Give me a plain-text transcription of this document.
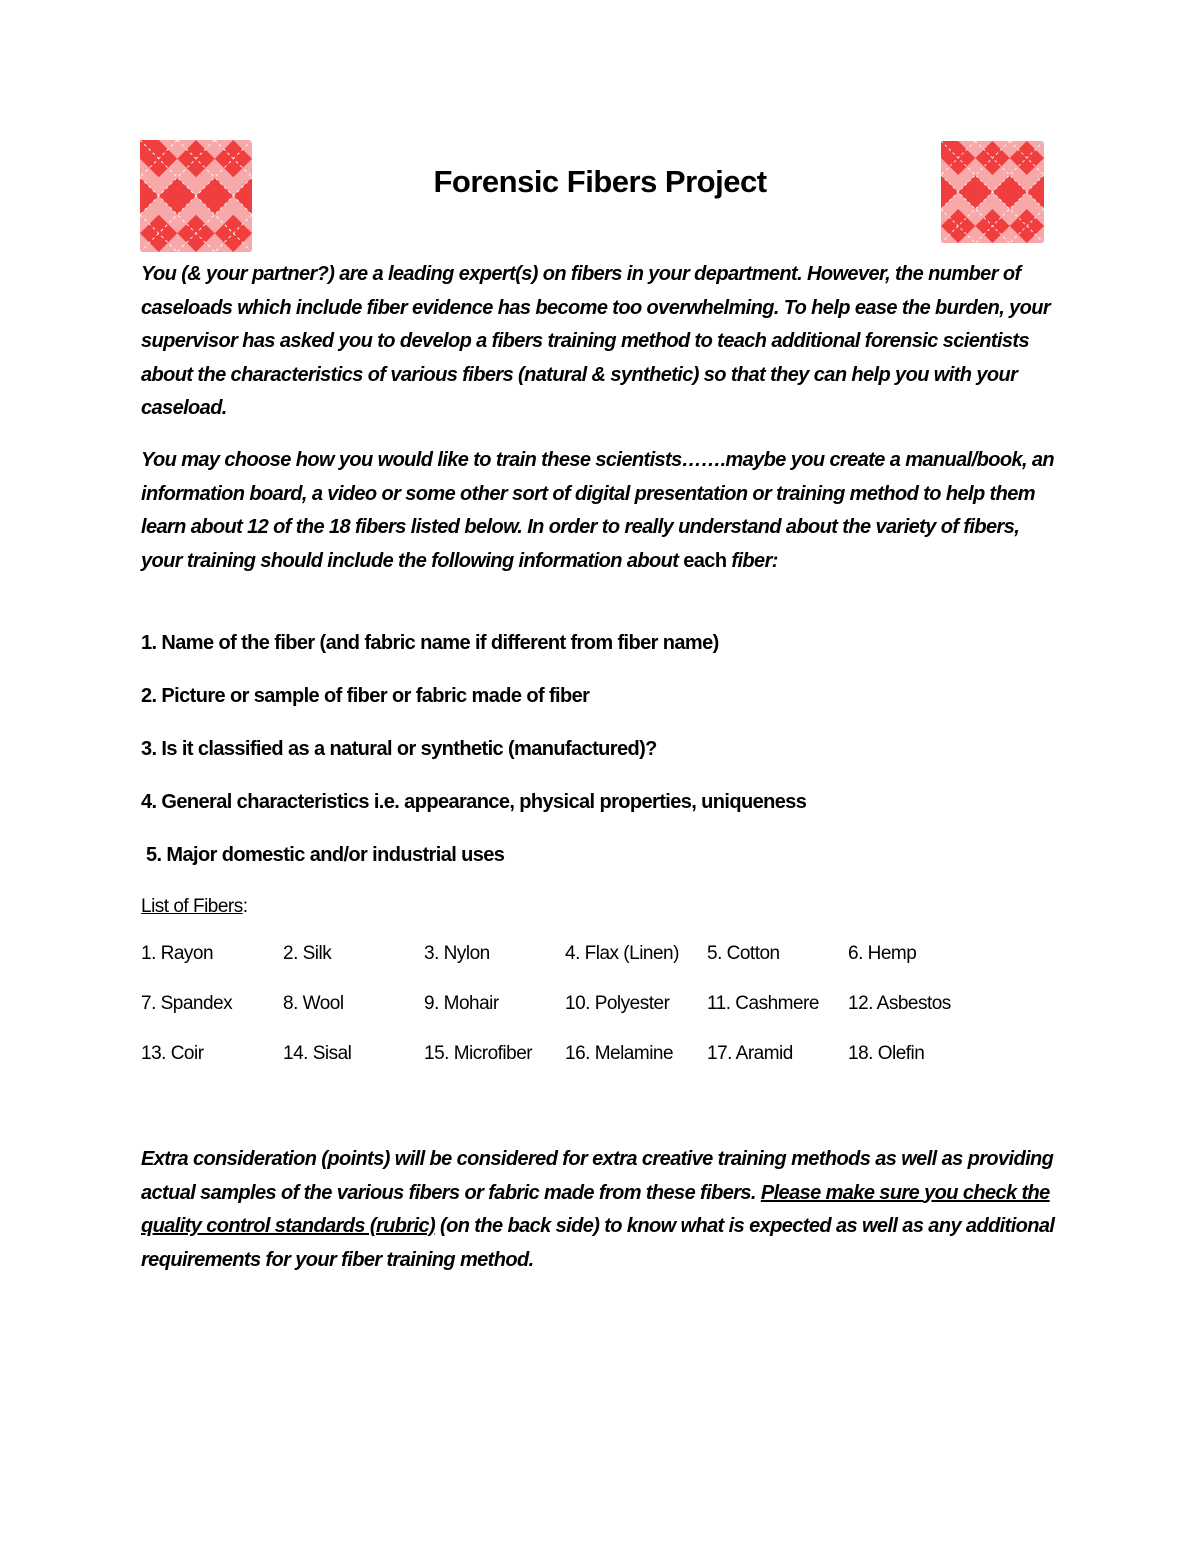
Forensic Fibers Project

You (& your partner?) are a leading expert(s) on fibers in your department. However, the number of caseloads which include fiber evidence has become too overwhelming. To help ease the burden, your supervisor has asked you to develop a fibers training method to teach additional forensic scientists about the characteristics of various fibers (natural & synthetic) so that they can help you with your caseload.

You may choose how you would like to train these scientists…….maybe you create a manual/book, an information board, a video or some other sort of digital presentation or training method to help them learn about 12 of the 18 fibers listed below. In order to really understand about the variety of fibers, your training should include the following information about each fiber:

1. Name of the fiber (and fabric name if different from fiber name)

2. Picture or sample of fiber or fabric made of fiber

3. Is it classified as a natural or synthetic (manufactured)?

4. General characteristics i.e. appearance, physical properties, uniqueness

5. Major domestic and/or industrial uses

List of Fibers:

1. Rayon	2. Silk	3. Nylon	4. Flax (Linen) 5. Cotton	6. Hemp
7. Spandex	8. Wool	9. Mohair	10. Polyester 11. Cashmere 12. Asbestos
13. Coir	14. Sisal	15. Microfiber 16. Melamine 17. Aramid	18. Olefin

Extra consideration (points) will be considered for extra creative training methods as well as providing actual samples of the various fibers or fabric made from these fibers. Please make sure you check the quality control standards (rubric) (on the back side) to know what is expected as well as any additional requirements for your fiber training method.
